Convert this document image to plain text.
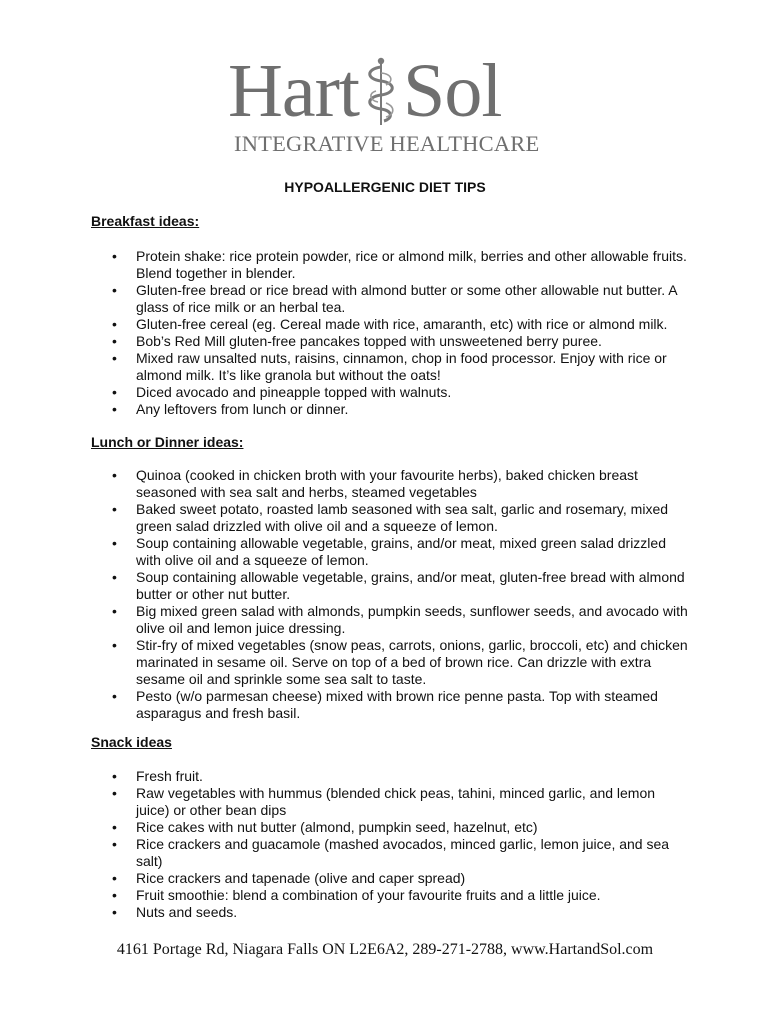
Hart Sol
INTEGRATIVE HEALTHCARE
HYPOALLERGENIC DIET TIPS
Breakfast ideas:
• Protein shake: rice protein powder, rice or almond milk, berries and other allowable fruits. Blend together in blender.
• Gluten-free bread or rice bread with almond butter or some other allowable nut butter. A glass of rice milk or an herbal tea.
• Gluten-free cereal (eg. Cereal made with rice, amaranth, etc) with rice or almond milk.
• Bob’s Red Mill gluten-free pancakes topped with unsweetened berry puree.
• Mixed raw unsalted nuts, raisins, cinnamon, chop in food processor. Enjoy with rice or almond milk. It’s like granola but without the oats!
• Diced avocado and pineapple topped with walnuts.
• Any leftovers from lunch or dinner.
Lunch or Dinner ideas:
• Quinoa (cooked in chicken broth with your favourite herbs), baked chicken breast seasoned with sea salt and herbs, steamed vegetables
• Baked sweet potato, roasted lamb seasoned with sea salt, garlic and rosemary, mixed green salad drizzled with olive oil and a squeeze of lemon.
• Soup containing allowable vegetable, grains, and/or meat, mixed green salad drizzled with olive oil and a squeeze of lemon.
• Soup containing allowable vegetable, grains, and/or meat, gluten-free bread with almond butter or other nut butter.
• Big mixed green salad with almonds, pumpkin seeds, sunflower seeds, and avocado with olive oil and lemon juice dressing.
• Stir-fry of mixed vegetables (snow peas, carrots, onions, garlic, broccoli, etc) and chicken marinated in sesame oil. Serve on top of a bed of brown rice. Can drizzle with extra sesame oil and sprinkle some sea salt to taste.
• Pesto (w/o parmesan cheese) mixed with brown rice penne pasta. Top with steamed asparagus and fresh basil.
Snack ideas
• Fresh fruit.
• Raw vegetables with hummus (blended chick peas, tahini, minced garlic, and lemon juice) or other bean dips
• Rice cakes with nut butter (almond, pumpkin seed, hazelnut, etc)
• Rice crackers and guacamole (mashed avocados, minced garlic, lemon juice, and sea salt)
• Rice crackers and tapenade (olive and caper spread)
• Fruit smoothie: blend a combination of your favourite fruits and a little juice.
• Nuts and seeds.
4161 Portage Rd, Niagara Falls ON L2E6A2, 289-271-2788, www.HartandSol.com
